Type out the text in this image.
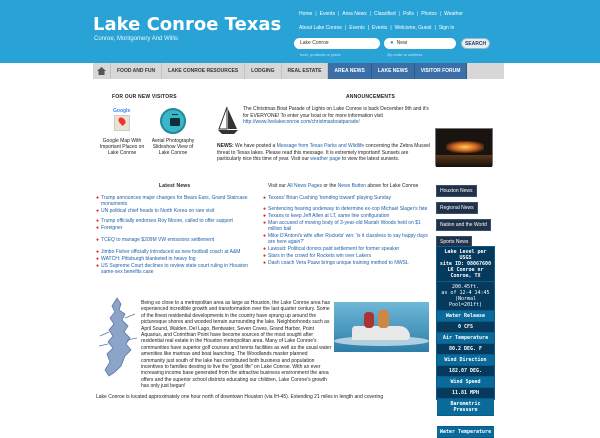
Lake Conroe Texas
Conroe, Montgomery And Willis
Home | Events | Area News | Classified | Polls | Photos | Weather
About Lake Conroe | Events | Events | Welcome, Guest | Sign In
Lake Conroe	● Near	SEARCH
food, products or place	Zip code or address
FOOD AND FUN	LAKE CONROE RESOURCES	LODGING	REAL ESTATE	AREA NEWS	LAKE NEWS	VISITOR FORUM
FOR OUR NEW VISITORS
Google
Google Map With Important Places on Lake Conroe
Aerial Photography Slideshow View of Lake Conroe
ANNOUNCEMENTS
The Christmas Boat Parade of Lights on Lake Conroe is back December 9th and it's for EVERYONE! To enter your boat or for more information visit http://www.livelakeconroe.com/christmasboatparade/
NEWS: We have posted a Message from Texas Parks and Wildlife concerning the Zebra Mussel threat to Texas lakes. Please read this message. It is extremely important! Sunsets are particularly nice this time of year. Visit our weather page to view the latest sunsets.
Latest News	Visit our All News Pages or the News Button above for Lake Conroe
● Trump announces major changes for Bears Ears, Grand Staircase monuments
● UN political chief heads to North Korea on rare visit
● Trump officially endorses Roy Moore, called to offer support
● Foreigner
● TCEQ to manage $209M VW emissions settlement
● Jimbo Fisher officially introduced as new football coach at A&M
● WATCH: Pittsburgh blanketed in heavy fog
● US Supreme Court declines to review state court ruling in Houston same-sex benefits case
● Texans' Brian Cushing 'trending toward' playing Sunday
● Sentencing hearing underway to determine ex-cop Michael Slager's fate
● Texans to keep Jeff Allen at LT, same line configuration
● Man accused of moving body of 3-year-old Mariah Woods held on $1 million bail
● Mike D'Antoni's wife after Rockets' win: 'is it classless to say happy days are here again?'
● Lawsuit: Political donors paid settlement for former speaker
● Stars in the crowd for Rockets win over Lakers
● Dash coach Vera Pauw brings unique training method to NWSL
Houston News
Regional News
Nation and the World
Sports News
Lake Level per USGS
site ID: 08067600
LK Conroe nr
Conroe, TX
200.45ft.
as of 12-4 14:45
(Normal Pool=201ft)
Water Release
0 CFS
Air Temperature
80.2 DEG. F
Wind Direction
182.07 DEG.
Wind Speed
11.81 MPH
Barometric Pressure
25.1 in
Water Temperature
Being so close to a metropolitan area as large as Houston, the Lake Conroe area has experienced incredible growth and transformation over the last quarter century. Some of the finest residential developments in the country have sprung up around the picturesque shores and wooded terrain surrounding the lake. Neighborhoods such as April Sound, Walden, Del Lago, Bentwater, Seven Coves, Grand Harbor, Point Aquarius, and Corinthian Point have become sources of the most sought after residential real estate in the Houston metropolitan area. Many of Lake Conroe's communities have superior golf courses and tennis facilities as well as the usual water amenities like marinas and boat launching. The Woodlands master planned community just south of the lake has contributed both business and population incentives to families desiring to live the "good life" on Lake Conroe. With an ever increasing income base generated from the attractive business environment the area offers and the superior school districts educating our children, Lake Conroe's growth has only just begun!
Lake Conroe is located approximately one hour north of downtown Houston (via IH-45). Extending 21 miles in length and covering
